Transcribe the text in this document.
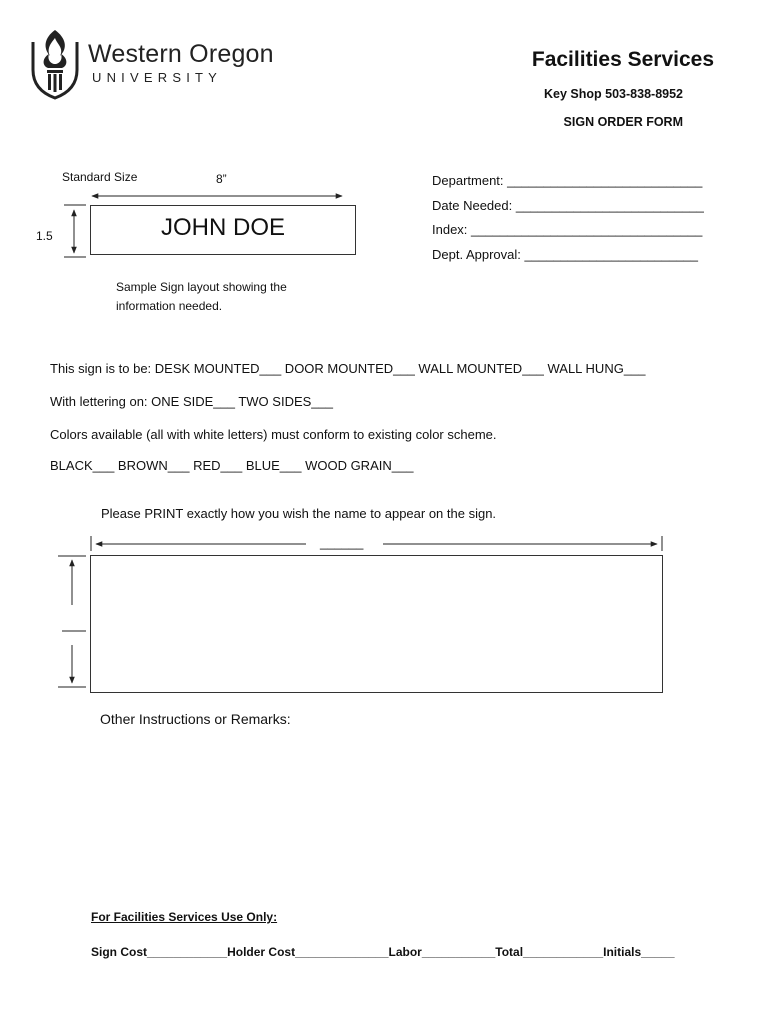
Western Oregon
UNIVERSITY
Facilities Services
Key Shop 503-838-8952
SIGN ORDER FORM
Standard Size	8”
1.5	JOHN DOE
Sample Sign layout showing the
information needed.
Department: ___________________________
Date Needed: __________________________
Index: ________________________________
Dept. Approval: ________________________
This sign is to be: DESK MOUNTED___ DOOR MOUNTED___ WALL MOUNTED___ WALL HUNG___
With lettering on: ONE SIDE___ TWO SIDES___
Colors available (all with white letters) must conform to existing color scheme.
BLACK___ BROWN___ RED___ BLUE___ WOOD GRAIN___
Please PRINT exactly how you wish the name to appear on the sign.
______
Other Instructions or Remarks:
For Facilities Services Use Only:
Sign Cost____________Holder Cost______________Labor___________Total____________Initials_____
